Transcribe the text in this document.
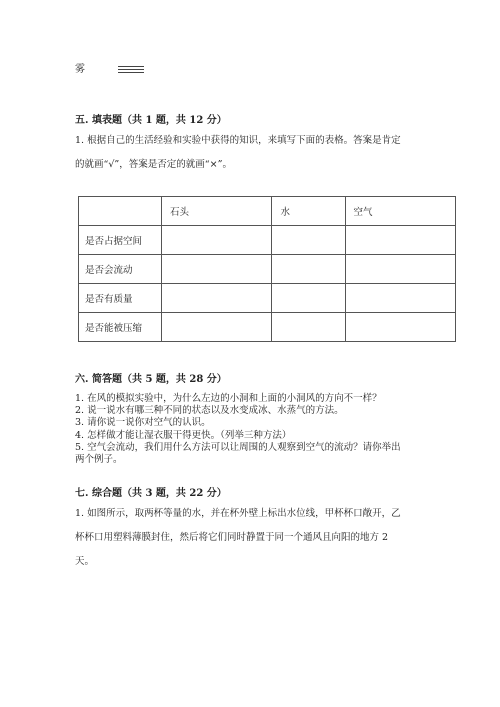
雾
五. 填表题（共 1 题，共 12 分）
1. 根据自己的生活经验和实验中获得的知识，来填写下面的表格。答案是肯定
的就画“√”，答案是否定的就画“×”。
	石头	水	空气
是否占据空间			
是否会流动			
是否有质量			
是否能被压缩			
六. 简答题（共 5 题，共 28 分）
1. 在风的模拟实验中，为什么左边的小洞和上面的小洞风的方向不一样？
2. 说一说水有哪三种不同的状态以及水变成冰、水蒸气的方法。
3. 请你说一说你对空气的认识。
4. 怎样做才能让湿衣服干得更快。（列举三种方法）
5. 空气会流动，我们用什么方法可以让周围的人观察到空气的流动？请你举出
两个例子。
七. 综合题（共 3 题，共 22 分）
1. 如图所示，取两杯等量的水，并在杯外壁上标出水位线，甲杯杯口敞开，乙
杯杯口用塑料薄膜封住，然后将它们同时静置于同一个通风且向阳的地方 2
天。
